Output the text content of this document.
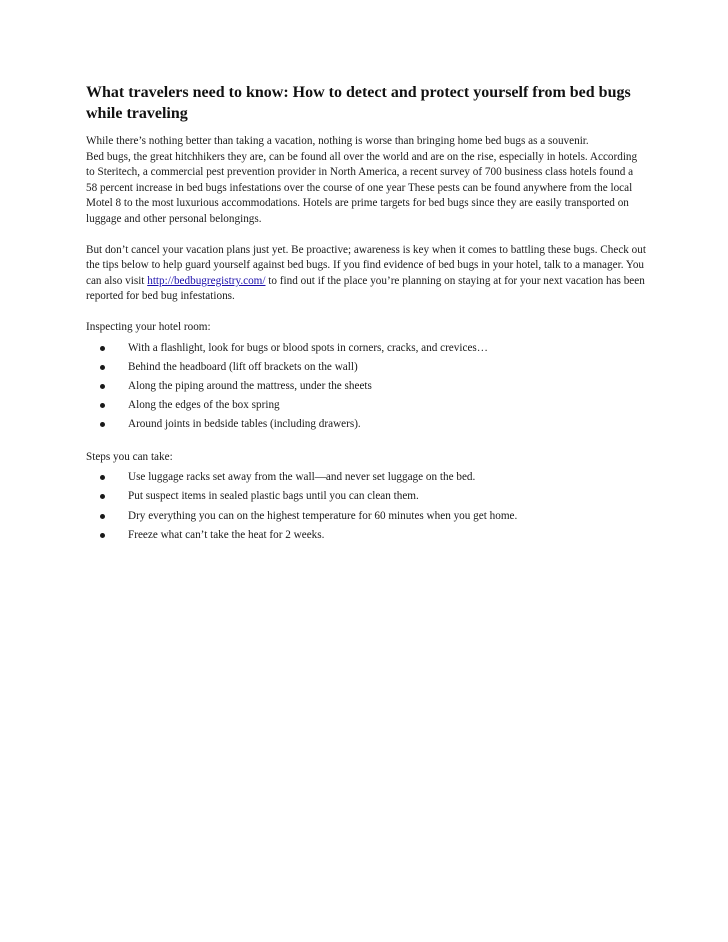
What travelers need to know: How to detect and protect yourself from bed bugs while traveling

While there’s nothing better than taking a vacation, nothing is worse than bringing home bed bugs as a souvenir.

Bed bugs, the great hitchhikers they are, can be found all over the world and are on the rise, especially in hotels. According to Steritech, a commercial pest prevention provider in North America, a recent survey of 700 business class hotels found a 58 percent increase in bed bugs infestations over the course of one year These pests can be found anywhere from the local Motel 8 to the most luxurious accommodations. Hotels are prime targets for bed bugs since they are easily transported on luggage and other personal belongings.

But don’t cancel your vacation plans just yet. Be proactive; awareness is key when it comes to battling these bugs. Check out the tips below to help guard yourself against bed bugs. If you find evidence of bed bugs in your hotel, talk to a manager. You can also visit http://bedbugregistry.com/ to find out if the place you’re planning on staying at for your next vacation has been reported for bed bug infestations.

Inspecting your hotel room:
With a flashlight, look for bugs or blood spots in corners, cracks, and crevices…
Behind the headboard (lift off brackets on the wall)
Along the piping around the mattress, under the sheets
Along the edges of the box spring
Around joints in bedside tables (including drawers).
Steps you can take:
Use luggage racks set away from the wall—and never set luggage on the bed.
Put suspect items in sealed plastic bags until you can clean them.
Dry everything you can on the highest temperature for 60 minutes when you get home.
Freeze what can’t take the heat for 2 weeks.
